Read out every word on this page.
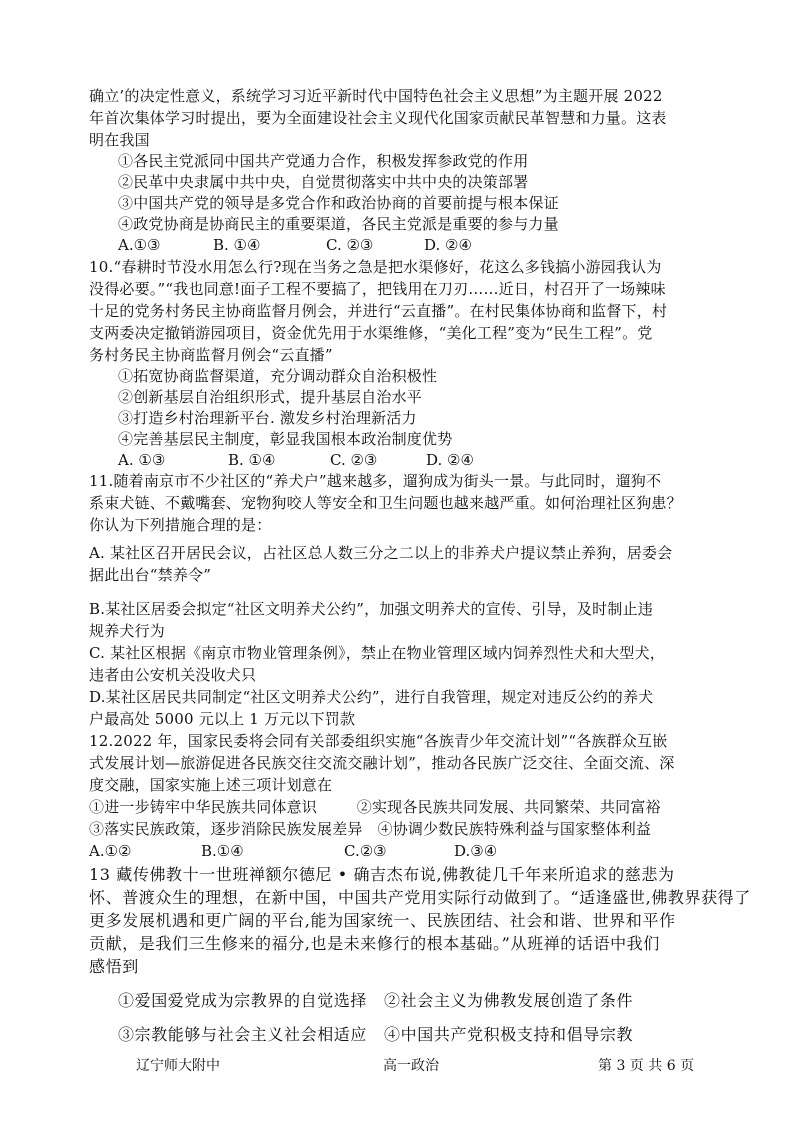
确立’的决定性意义，系统学习习近平新时代中国特色社会主义思想”为主题开展 2022
年首次集体学习时提出，要为全面建设社会主义现代化国家贡献民革智慧和力量。这表
明在我国
①各民主党派同中国共产党通力合作，积极发挥参政党的作用
②民革中央隶属中共中央，自觉贯彻落实中共中央的决策部署
③中国共产党的领导是多党合作和政治协商的首要前提与根本保证
④政党协商是协商民主的重要渠道，各民主党派是重要的参与力量
A.①③	B. ①④	C. ②③	D. ②④
10.“春耕时节没水用怎么行?现在当务之急是把水渠修好，花这么多钱搞小游园我认为
没得必要。”“我也同意!面子工程不要搞了，把钱用在刀刃……近日，村召开了一场辣味
十足的党务村务民主协商监督月例会，并进行“云直播”。在村民集体协商和监督下，村
支两委决定撤销游园项目，资金优先用于水渠维修，“美化工程”变为“民生工程”。党
务村务民主协商监督月例会“云直播”
①拓宽协商监督渠道，充分调动群众自治积极性
②创新基层自治组织形式，提升基层自治水平
③打造乡村治理新平台. 激发乡村治理新活力
④完善基层民主制度，彰显我国根本政治制度优势
A. ①③	B. ①④	C. ②③	D. ②④
11.随着南京市不少社区的“养犬户”越来越多，遛狗成为街头一景。与此同时，遛狗不
系束犬链、不戴嘴套、宠物狗咬人等安全和卫生问题也越来越严重。如何治理社区狗患？
你认为下列措施合理的是：
A. 某社区召开居民会议，占社区总人数三分之二以上的非养犬户提议禁止养狗，居委会
据此出台“禁养令”
B.某社区居委会拟定“社区文明养犬公约”，加强文明养犬的宣传、引导，及时制止违
规养犬行为
C. 某社区根据《南京市物业管理条例》，禁止在物业管理区域内饲养烈性犬和大型犬，
违者由公安机关没收犬只
D.某社区居民共同制定“社区文明养犬公约”，进行自我管理，规定对违反公约的养犬
户最高处 5000 元以上 1 万元以下罚款
12.2022 年，国家民委将会同有关部委组织实施“各族青少年交流计划”“各族群众互嵌
式发展计划—旅游促进各民族交往交流交融计划”，推动各民族广泛交往、全面交流、深
度交融，国家实施上述三项计划意在
①进一步铸牢中华民族共同体意识        ②实现各民族共同发展、共同繁荣、共同富裕
③落实民族政策，逐步消除民族发展差异   ④协调少数民族特殊利益与国家整体利益
A.①②	B.①④	C.②③	D.③④
13 藏传佛教十一世班禅额尔德尼 • 确吉杰布说,佛教徒几千年来所追求的慈悲为
怀、普渡众生的理想，在新中国，中国共产党用实际行动做到了。“适逢盛世,佛教界获得了
更多发展机遇和更广阔的平台,能为国家统一、民族团结、社会和谐、世界和平作
贡献，是我们三生修来的福分,也是未来修行的根本基础。”从班禅的话语中我们
感悟到
①爱国爱党成为宗教界的自觉选择   ②社会主义为佛教发展创造了条件
③宗教能够与社会主义社会相适应   ④中国共产党积极支持和倡导宗教
辽宁师大附中	高一政治	第 3 页 共 6 页
